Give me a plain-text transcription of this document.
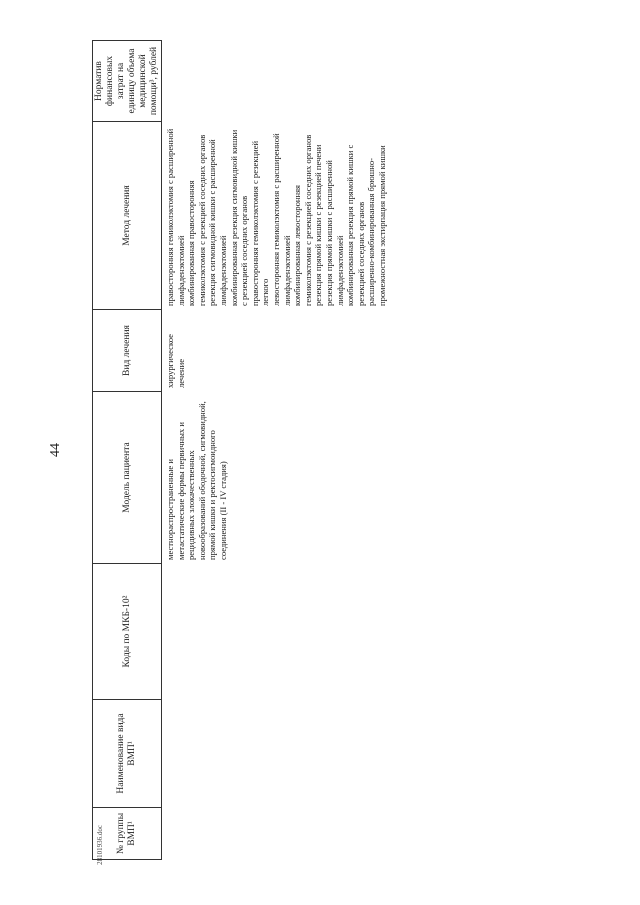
44
28101936.doc	№ группы ВМП¹
Наименование вида ВМП¹
Коды по МКБ-10²
Модель пациента
Вид лечения
Метод лечения
Норматив финансовых затрат на единицу объема медицинской помощи³, рублей
местнораспространенные и метастатические формы первичных и рецидивных злокачественных новообразований ободочной, сигмовидной, прямой кишки и ректосигмоидного соединения (II - IV стадия)
хирургическое лечение
правосторонняя гемиколэктомия с расширенной лимфаденэктомией комбинированная правосторонняя гемиколэктомия с резекцией соседних органов резекция сигмовидной кишки с расширенной лимфаденэктомией комбинированная резекция сигмовидной кишки с резекцией соседних органов правосторонняя гемиколэктомия с резекцией легкого левосторонняя гемиколэктомия с расширенной лимфаденэктомией комбинированная левосторонняя гемиколэктомия с резекцией соседних органов резекция прямой кишки с резекцией печени резекция прямой кишки с расширенной лимфаденэктомией комбинированная резекция прямой кишки с резекцией соседних органов расширенно-комбинированная брюшно-промежностная экстирпация прямой кишки
